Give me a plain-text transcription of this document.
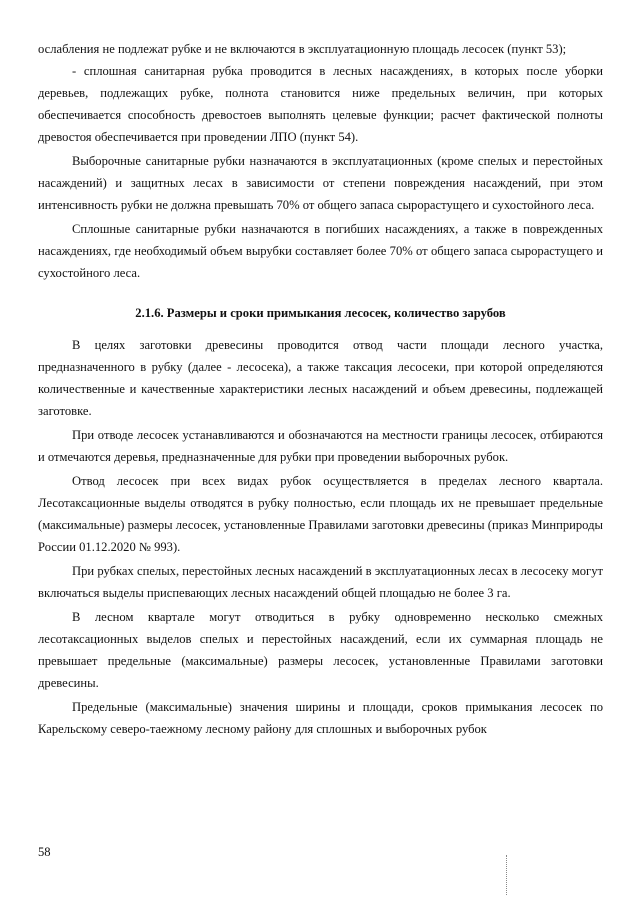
ослабления не подлежат рубке и не включаются в эксплуатационную площадь лесосек (пункт 53);

- сплошная санитарная рубка проводится в лесных насаждениях, в которых после уборки деревьев, подлежащих рубке, полнота становится ниже предельных величин, при которых обеспечивается способность древостоев выполнять целевые функции; расчет фактической полноты древостоя обеспечивается при проведении ЛПО (пункт 54).

Выборочные санитарные рубки назначаются в эксплуатационных (кроме спелых и перестойных насаждений) и защитных лесах в зависимости от степени повреждения насаждений, при этом интенсивность рубки не должна превышать 70% от общего запаса сырорастущего и сухостойного леса.

Сплошные санитарные рубки назначаются в погибших насаждениях, а также в поврежденных насаждениях, где необходимый объем вырубки составляет более 70% от общего запаса сырорастущего и сухостойного леса.

2.1.6. Размеры и сроки примыкания лесосек, количество зарубов

В целях заготовки древесины проводится отвод части площади лесного участка, предназначенного в рубку (далее - лесосека), а также таксация лесосеки, при которой определяются количественные и качественные характеристики лесных насаждений и объем древесины, подлежащей заготовке.

При отводе лесосек устанавливаются и обозначаются на местности границы лесосек, отбираются и отмечаются деревья, предназначенные для рубки при проведении выборочных рубок.

Отвод лесосек при всех видах рубок осуществляется в пределах лесного квартала. Лесотаксационные выделы отводятся в рубку полностью, если площадь их не превышает предельные (максимальные) размеры лесосек, установленные Правилами заготовки древесины (приказ Минприроды России 01.12.2020 № 993).

При рубках спелых, перестойных лесных насаждений в эксплуатационных лесах в лесосеку могут включаться выделы приспевающих лесных насаждений общей площадью не более 3 га.

В лесном квартале могут отводиться в рубку одновременно несколько смежных лесотаксационных выделов спелых и перестойных насаждений, если их суммарная площадь не превышает предельные (максимальные) размеры лесосек, установленные Правилами заготовки древесины.

Предельные (максимальные) значения ширины и площади, сроков примыкания лесосек по Карельскому северо-таежному лесному району для сплошных и выборочных рубок

58
